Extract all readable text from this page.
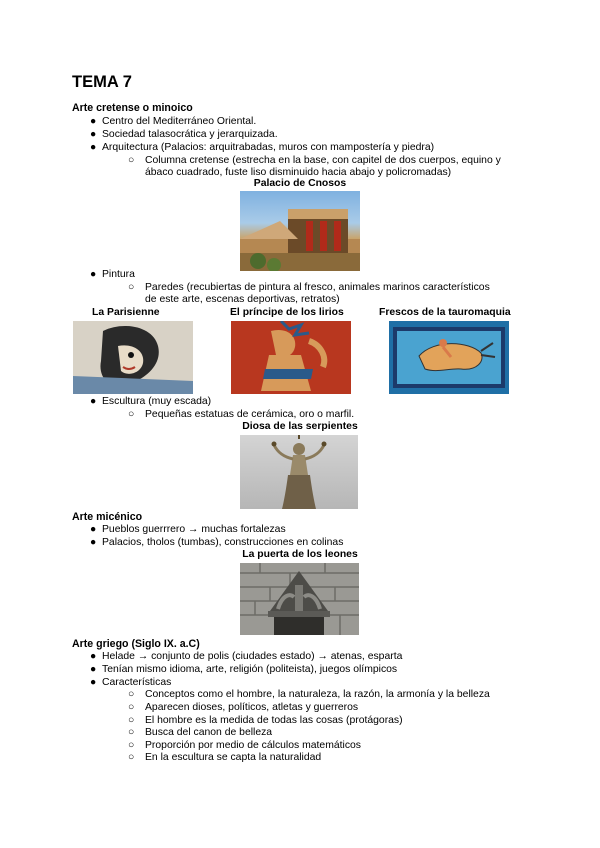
TEMA 7
Arte cretense o minoico
● Centro del Mediterráneo Oriental.
● Sociedad talasocrática y jerarquizada.
● Arquitectura (Palacios: arquitrabadas, muros con mampostería y piedra)
○ Columna cretense (estrecha en la base, con capitel de dos cuerpos, equino y
ábaco cuadrado, fuste liso disminuido hacia abajo y policromadas)
Palacio de Cnosos
● Pintura
○ Paredes (recubiertas de pintura al fresco, animales marinos característicos
de este arte, escenas deportivas, retratos)
La Parisienne	El príncipe de los lirios	Frescos de la tauromaquia
● Escultura (muy escada)
○ Pequeñas estatuas de cerámica, oro o marfil.
Diosa de las serpientes
Arte micénico
● Pueblos guerrrero → muchas fortalezas
● Palacios, tholos (tumbas), construcciones en colinas
La puerta de los leones
Arte griego (Siglo IX. a.C)
● Helade → conjunto de polis (ciudades estado) → atenas, esparta
● Tenían mismo idioma, arte, religión (politeista), juegos olímpicos
● Características
○ Conceptos como el hombre, la naturaleza, la razón, la armonía y la belleza
○ Aparecen dioses, políticos, atletas y guerreros
○ El hombre es la medida de todas las cosas (protágoras)
○ Busca del canon de belleza
○ Proporción por medio de cálculos matemáticos
○ En la escultura se capta la naturalidad
